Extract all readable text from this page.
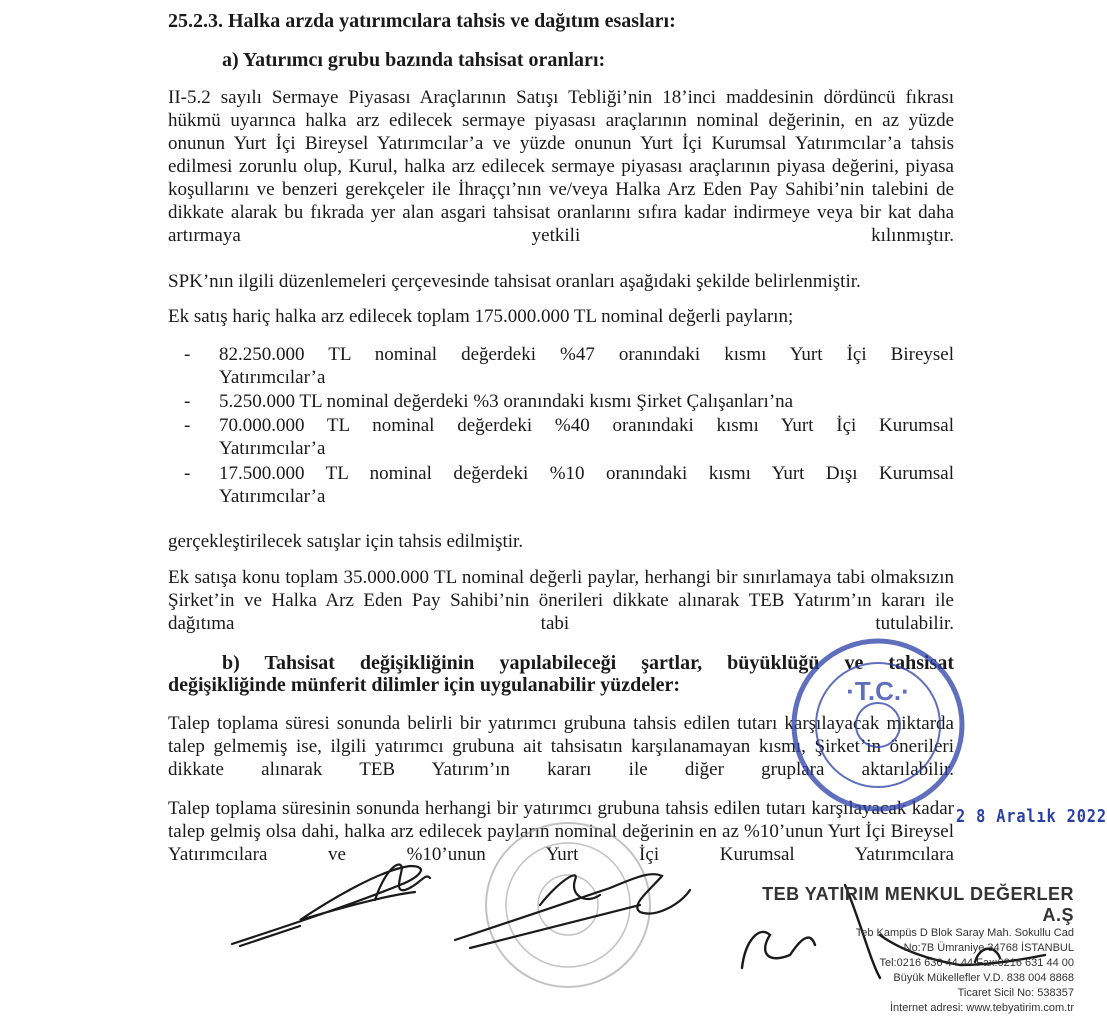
25.2.3. Halka arzda yatırımcılara tahsis ve dağıtım esasları:
a) Yatırımcı grubu bazında tahsisat oranları:
II-5.2 sayılı Sermaye Piyasası Araçlarının Satışı Tebliği’nin 18’inci maddesinin dördüncü fıkrası hükmü uyarınca halka arz edilecek sermaye piyasası araçlarının nominal değerinin, en az yüzde onunun Yurt İçi Bireysel Yatırımcılar’a ve yüzde onunun Yurt İçi Kurumsal Yatırımcılar’a tahsis edilmesi zorunlu olup, Kurul, halka arz edilecek sermaye piyasası araçlarının piyasa değerini, piyasa koşullarını ve benzeri gerekçeler ile İhraççı’nın ve/veya Halka Arz Eden Pay Sahibi’nin talebini de dikkate alarak bu fıkrada yer alan asgari tahsisat oranlarını sıfıra kadar indirmeye veya bir kat daha artırmaya yetkili kılınmıştır.
SPK’nın ilgili düzenlemeleri çerçevesinde tahsisat oranları aşağıdaki şekilde belirlenmiştir.
Ek satış hariç halka arz edilecek toplam 175.000.000 TL nominal değerli payların;
- 82.250.000 TL nominal değerdeki %47 oranındaki kısmı Yurt İçi Bireysel
Yatırımcılar’a
- 5.250.000 TL nominal değerdeki %3 oranındaki kısmı Şirket Çalışanları’na
- 70.000.000 TL nominal değerdeki %40 oranındaki kısmı Yurt İçi Kurumsal
Yatırımcılar’a
- 17.500.000 TL nominal değerdeki %10 oranındaki kısmı Yurt Dışı Kurumsal
Yatırımcılar’a
gerçekleştirilecek satışlar için tahsis edilmiştir.
Ek satışa konu toplam 35.000.000 TL nominal değerli paylar, herhangi bir sınırlamaya tabi olmaksızın Şirket’in ve Halka Arz Eden Pay Sahibi’nin önerileri dikkate alınarak TEB Yatırım’ın kararı ile dağıtıma tabi tutulabilir.
b) Tahsisat değişikliğinin yapılabileceği şartlar, büyüklüğü ve tahsisat
değişikliğinde münferit dilimler için uygulanabilir yüzdeler:
Talep toplama süresi sonunda belirli bir yatırımcı grubuna tahsis edilen tutarı karşılayacak miktarda talep gelmemiş ise, ilgili yatırımcı grubuna ait tahsisatın karşılanamayan kısmı, Şirket’in önerileri dikkate alınarak TEB Yatırım’ın kararı ile diğer gruplara aktarılabilir.
Talep toplama süresinin sonunda herhangi bir yatırımcı grubuna tahsis edilen tutarı karşılayacak kadar talep gelmiş olsa dahi, halka arz edilecek payların nominal değerinin en az %10’unun Yurt İçi Bireysel Yatırımcılara ve %10’unun Yurt İçi Kurumsal Yatırımcılara
·T.C.·
2 8 Aralık 2022
TEB YATIRIM MENKUL DEĞERLER A.Ş
Teb Kampüs D Blok Saray Mah. Sokullu Cad
No:7B Ümraniye 34768 İSTANBUL
Tel:0216 636 44 44 Fax:0216 631 44 00
Büyük Mükellefler V.D. 838 004 8868
Ticaret Sicil No: 538357
İnternet adresi: www.tebyatirim.com.tr
